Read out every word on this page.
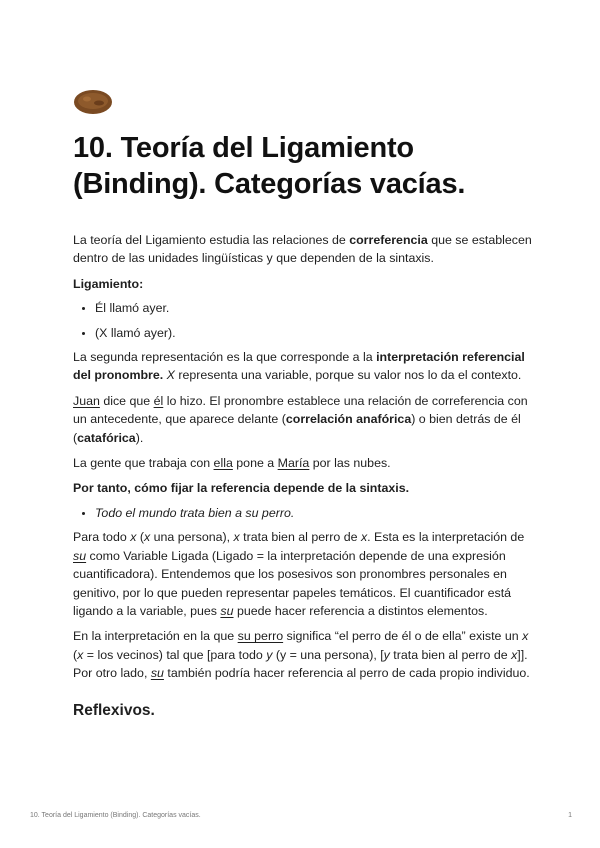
10. Teoría del Ligamiento
(Binding). Categorías vacías.

La teoría del Ligamiento estudia las relaciones de correferencia que se establecen dentro de las unidades lingüísticas y que dependen de la sintaxis.

Ligamiento:

• Él llamó ayer.
• (X llamó ayer).

La segunda representación es la que corresponde a la interpretación referencial del pronombre. X representa una variable, porque su valor nos lo da el contexto.

Juan dice que él lo hizo. El pronombre establece una relación de correferencia con un antecedente, que aparece delante (correlación anafórica) o bien detrás de él (catafórica).

La gente que trabaja con ella pone a María por las nubes.

Por tanto, cómo fijar la referencia depende de la sintaxis.

• Todo el mundo trata bien a su perro.

Para todo x (x una persona), x trata bien al perro de x. Esta es la interpretación de su como Variable Ligada (Ligado = la interpretación depende de una expresión cuantificadora). Entendemos que los posesivos son pronombres personales en genitivo, por lo que pueden representar papeles temáticos. El cuantificador está ligando a la variable, pues su puede hacer referencia a distintos elementos.

En la interpretación en la que su perro significa “el perro de él o de ella” existe un x (x = los vecinos) tal que [para todo y (y = una persona), [y trata bien al perro de x]]. Por otro lado, su también podría hacer referencia al perro de cada propio individuo.

Reflexivos.
10. Teoría del Ligamiento (Binding). Categorías vacías.	1
